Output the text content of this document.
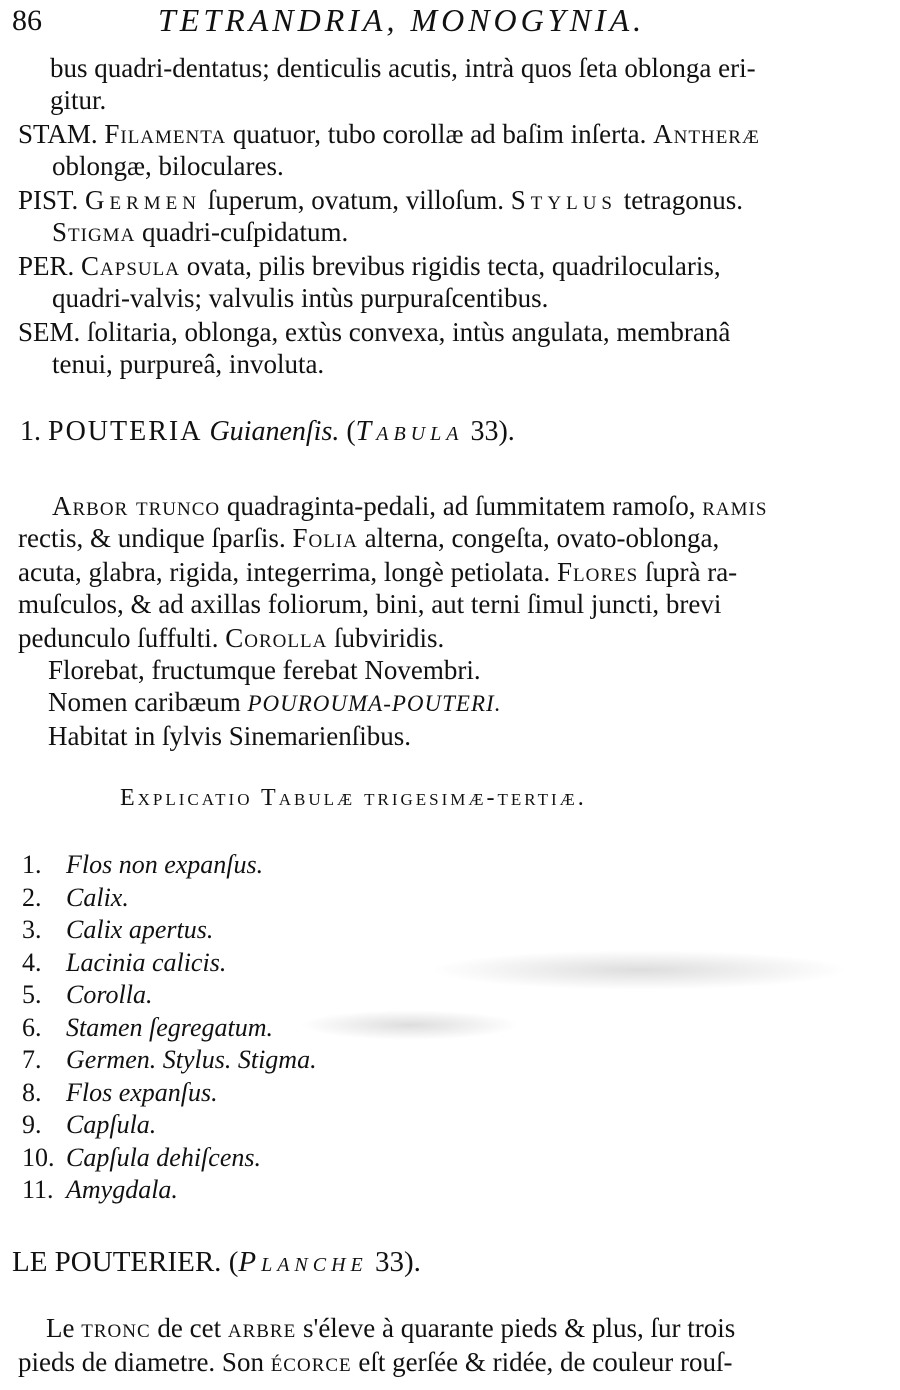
86	TETRANDRIA, MONOGYNIA.
bus quadri-dentatus; denticulis acutis, intrà quos ſeta oblonga eri-
gitur.
STAM. Filamenta quatuor, tubo corollæ ad baſim inſerta. Antheræ
oblongæ, biloculares.
PIST. Germen ſuperum, ovatum, villoſum. Stylus tetragonus.
Stigma quadri-cuſpidatum.
PER. Capsula ovata, pilis brevibus rigidis tecta, quadrilocularis,
quadri-valvis; valvulis intùs purpuraſcentibus.
SEM. ſolitaria, oblonga, extùs convexa, intùs angulata, membranâ
tenui, purpureâ, involuta.
1. POUTERIA Guianenſis. (Tabula 33).
Arbor trunco quadraginta-pedali, ad ſummitatem ramoſo, ramis
rectis, & undique ſparſis. Folia alterna, congeſta, ovato-oblonga,
acuta, glabra, rigida, integerrima, longè petiolata. Flores ſuprà ra-
muſculos, & ad axillas foliorum, bini, aut terni ſimul juncti, brevi
pedunculo ſuffulti. Corolla ſubviridis.
Florebat, fructumque ferebat Novembri.
Nomen caribæum POUROUMA-POUTERI.
Habitat in ſylvis Sinemarienſibus.
Explicatio Tabulæ trigesimæ-tertiæ.
1. Flos non expanſus.
2. Calix.
3. Calix apertus.
4. Lacinia calicis.
5. Corolla.
6. Stamen ſegregatum.
7. Germen. Stylus. Stigma.
8. Flos expanſus.
9. Capſula.
10. Capſula dehiſcens.
11. Amygdala.
LE POUTERIER. (Planche 33).
Le tronc de cet arbre s'éleve à quarante pieds & plus, ſur trois
pieds de diametre. Son écorce eſt gerſée & ridée, de couleur rouſ-
